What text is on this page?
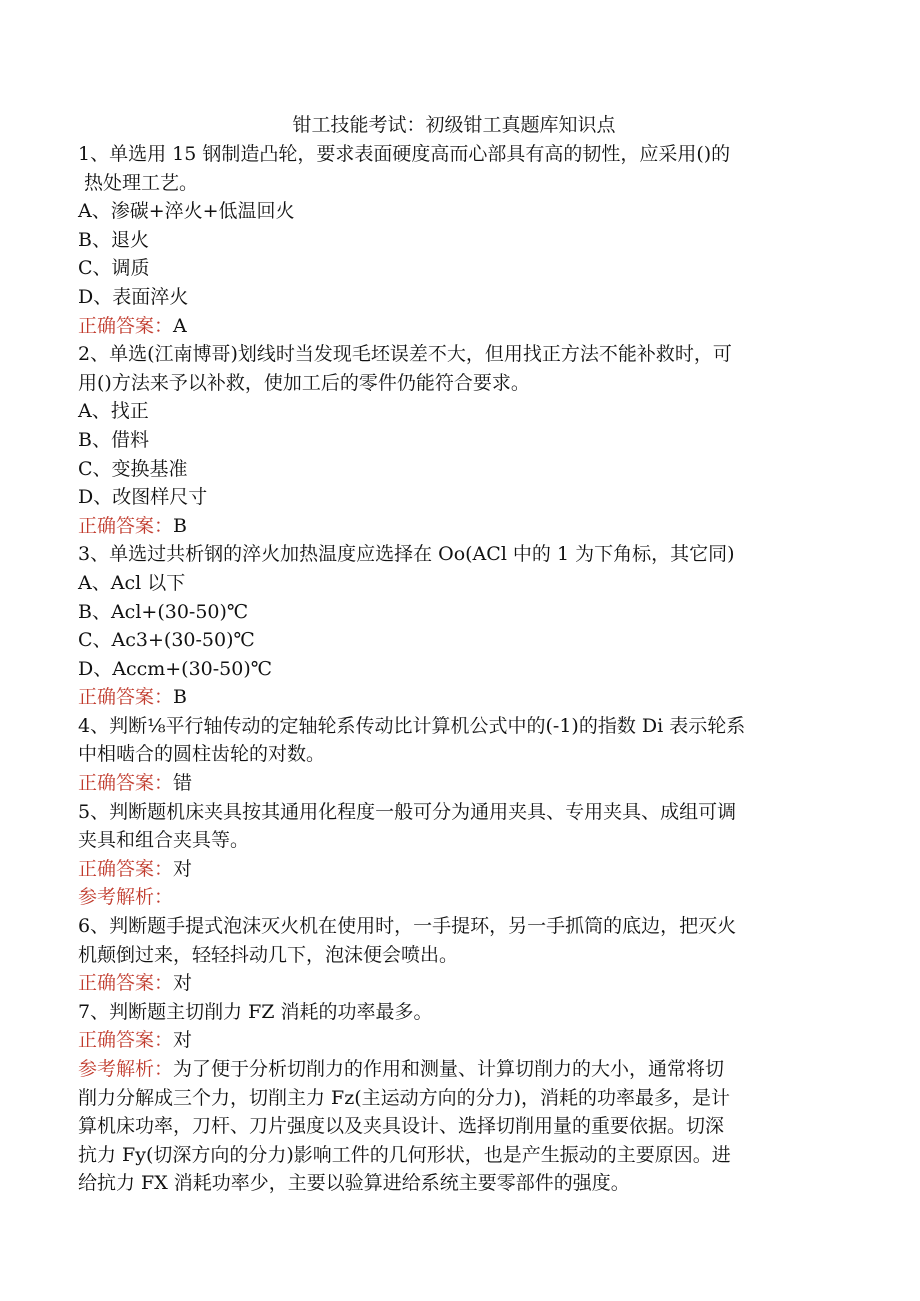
钳工技能考试：初级钳工真题库知识点
1、单选用 15 钢制造凸轮，要求表面硬度高而心部具有高的韧性，应采用()的
热处理工艺。
A、渗碳+淬火+低温回火
B、退火
C、调质
D、表面淬火
正确答案：A
2、单选(江南博哥)划线时当发现毛坯误差不大，但用找正方法不能补救时，可
用()方法来予以补救，使加工后的零件仍能符合要求。
A、找正
B、借料
C、变换基准
D、改图样尺寸
正确答案：B
3、单选过共析钢的淬火加热温度应选择在 Oo(ACl 中的 1 为下角标，其它同)
A、Acl 以下
B、Acl+(30-50)℃
C、Ac3+(30-50)℃
D、Accm+(30-50)℃
正确答案：B
4、判断⅛平行轴传动的定轴轮系传动比计算机公式中的(-1)的指数 Di 表示轮系
中相啮合的圆柱齿轮的对数。
正确答案：错
5、判断题机床夹具按其通用化程度一般可分为通用夹具、专用夹具、成组可调
夹具和组合夹具等。
正确答案：对
参考解析：
6、判断题手提式泡沫灭火机在使用时，一手提环，另一手抓筒的底边，把灭火
机颠倒过来，轻轻抖动几下，泡沫便会喷出。
正确答案：对
7、判断题主切削力 FZ 消耗的功率最多。
正确答案：对
参考解析：为了便于分析切削力的作用和测量、计算切削力的大小，通常将切
削力分解成三个力，切削主力 Fz(主运动方向的分力)，消耗的功率最多，是计
算机床功率，刀杆、刀片强度以及夹具设计、选择切削用量的重要依据。切深
抗力 Fy(切深方向的分力)影响工件的几何形状，也是产生振动的主要原因。进
给抗力 FX 消耗功率少，主要以验算进给系统主要零部件的强度。
